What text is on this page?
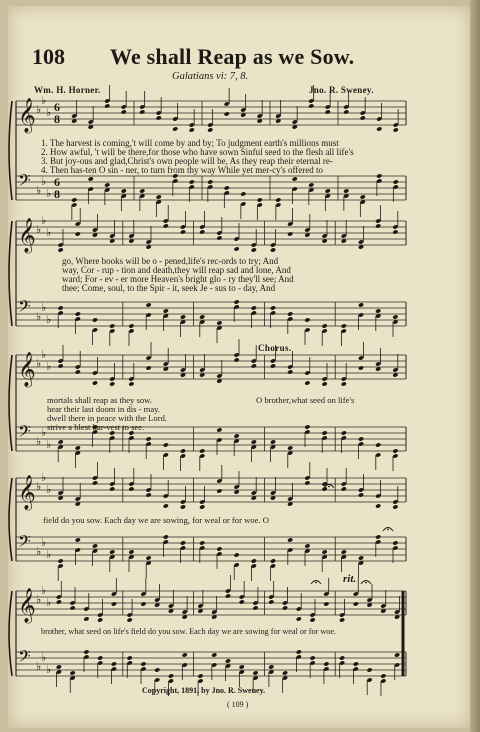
𝄞
𝄢
♭
♭
♭
♭
♭
♭
6
6
8
8
𝄞
𝄢
♭
♭
♭
♭
♭
♭
𝄞
𝄢
♭
♭
♭
♭
♭
♭
𝄞
𝄢
♭
♭
♭
♭
♭
♭
𝄞
𝄢
♭
♭
♭
♭
♭
♭
108 We shall Reap as we Sow.
Galatians vi: 7, 8.
Wm. H. Horner.	Jno. R. Sweney.
1. The harvest is coming,'t will come by and by; To judgment earth's millions must
2. How awful, 't will be there,for those who have sown Sinful seed to the flesh all life's
3. But joy-ous and glad,Christ's own people will be, As they reap their eternal re-
4. Then has-ten O sin - ner, to turn from thy way While yet mer-cy's offered to
go, Where books will be o - pened,life's rec-ords to try; And
way, Cor - rup - tion and death,they will reap sad and lone, And
ward; For - ev - er more Heaven's bright glo - ry they'll see; And
thee; Come, soul, to the Spir - it, seek Je - sus to - day, And
mortals shall reap as they sow.
hear their last doom in dis - may.
dwell there in peace with the Lord.
strive a blest har-vest to see.
Chorus.
O brother,what seed on life's
field do you sow. Each day we are sowing, for weal or for woe. O
brother, what seed on life's field do you sow. Each day we are sowing for weal or for woe.
rit.
Copyright, 1891, by Jno. R. Sweney.
( 109 )
